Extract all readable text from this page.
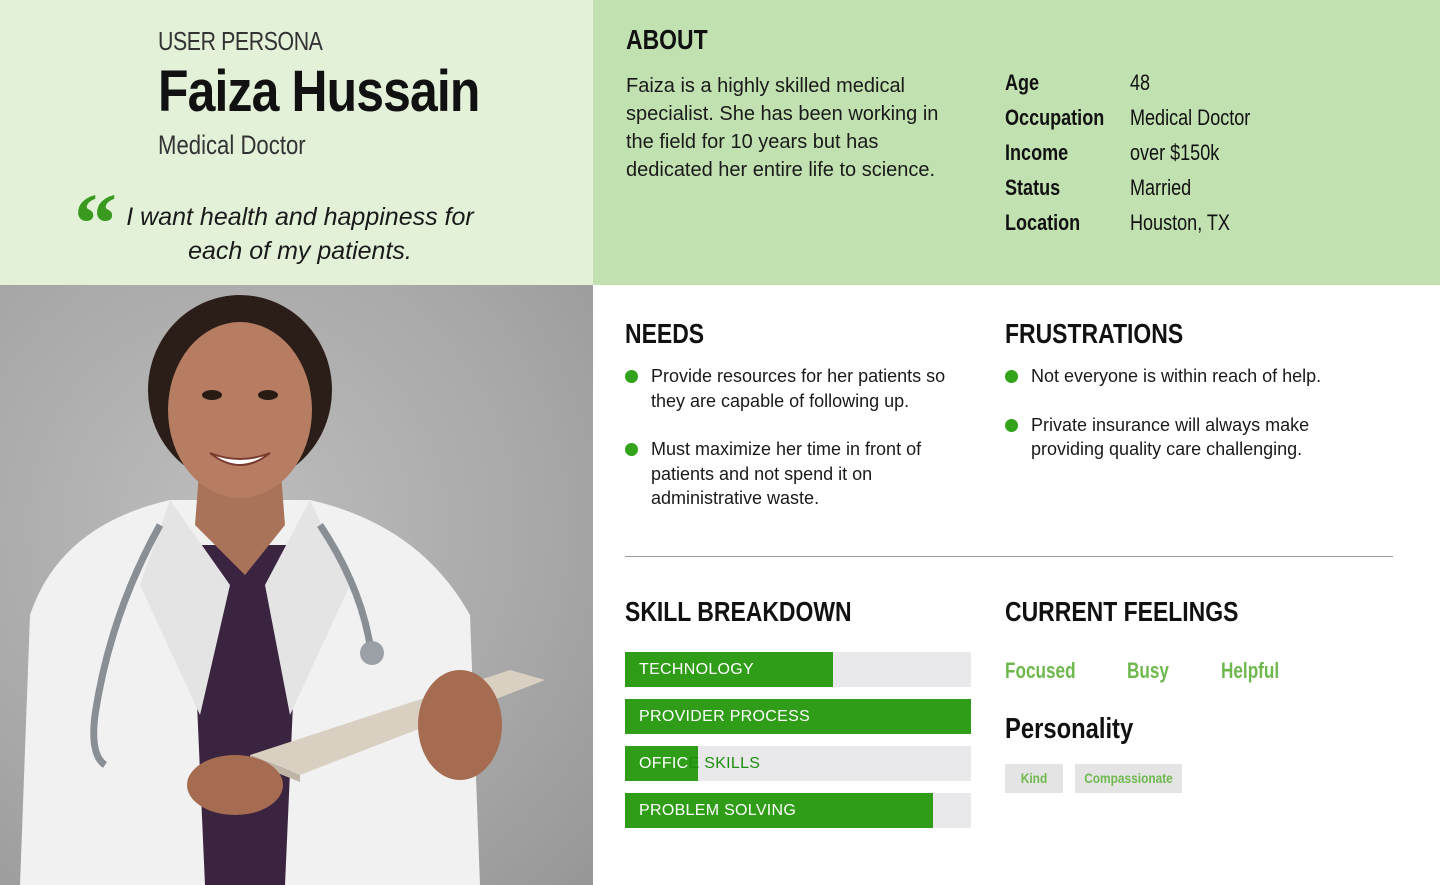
USER PERSONA
Faiza Hussain
Medical Doctor
“ I want health and happiness for each of my patients.
ABOUT
Faiza is a highly skilled medical specialist. She has been working in the field for 10 years but has dedicated her entire life to science.
Age	48
Occupation Medical Doctor
Income	over $150k
Status	Married
Location Houston, TX
NEEDS
Provide resources for her patients so they are capable of following up.
Must maximize her time in front of patients and not spend it on administrative waste.
FRUSTRATIONS
Not everyone is within reach of help.
Private insurance will always make providing quality care challenging.
SKILL BREAKDOWN
TECHNOLOGY
PROVIDER PROCESS
OFFICE SKILLS
PROBLEM SOLVING
CURRENT FEELINGS
Focused Busy Helpful
Personality
Kind	Compassionate
